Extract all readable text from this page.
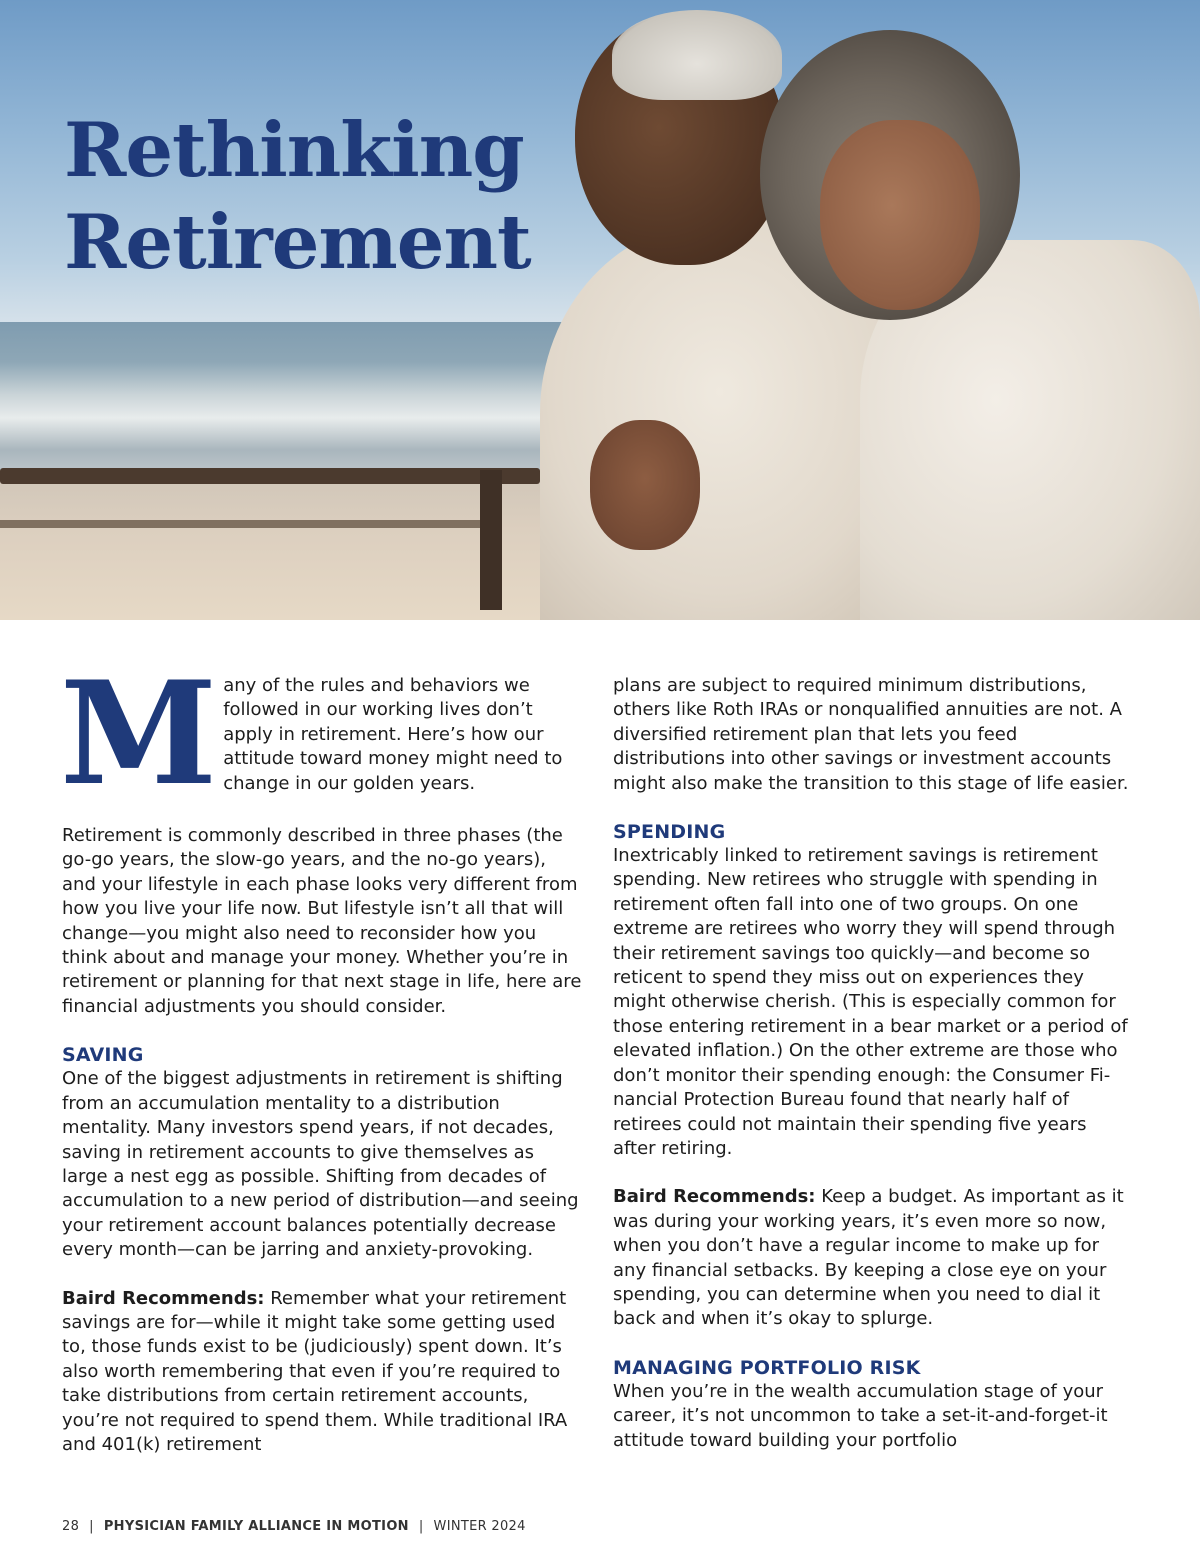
Rethinking
Retirement

Many of the rules and behaviors we followed in our working lives don’t apply in retirement. Here’s how our attitude toward money might need to change in our golden years.

Retirement is commonly described in three phases (the go-go years, the slow-go years, and the no-go years), and your lifestyle in each phase looks very different from how you live your life now. But lifestyle isn’t all that will change—you might also need to reconsider how you think about and manage your money. Whether you’re in retirement or planning for that next stage in life, here are financial adjustments you should consider.

SAVING

One of the biggest adjustments in retirement is shifting from an accumulation mentality to a distribution mentality. Many investors spend years, if not decades, saving in retirement accounts to give themselves as large a nest egg as possible. Shifting from decades of accumulation to a new period of distribution—and seeing your retirement account balances potentially decrease every month—can be jarring and anxiety-provoking.

Baird Recommends: Remember what your retirement savings are for—while it might take some getting used to, those funds exist to be (judiciously) spent down. It’s also worth remembering that even if you’re required to take distributions from certain retirement accounts, you’re not required to spend them. While traditional IRA and 401(k) retirement

plans are subject to required minimum distributions, others like Roth IRAs or nonqualified annuities are not. A diversified retirement plan that lets you feed distributions into other savings or investment accounts might also make the transition to this stage of life easier.

SPENDING

Inextricably linked to retirement savings is retirement spending. New retirees who struggle with spending in retirement often fall into one of two groups. On one extreme are retirees who worry they will spend through their retirement savings too quickly—and become so reticent to spend they miss out on experiences they might otherwise cherish. (This is especially common for those entering retirement in a bear market or a period of elevated inflation.) On the other extreme are those who don’t monitor their spending enough: the Consumer Financial Protection Bureau found that nearly half of retirees could not maintain their spending five years after retiring.

Baird Recommends: Keep a budget. As important as it was during your working years, it’s even more so now, when you don’t have a regular income to make up for any financial setbacks. By keeping a close eye on your spending, you can determine when you need to dial it back and when it’s okay to splurge.

MANAGING PORTFOLIO RISK

When you’re in the wealth accumulation stage of your career, it’s not uncommon to take a set-it-and-forget-it attitude toward building your portfolio

28 | PHYSICIAN FAMILY ALLIANCE IN MOTION | WINTER 2024
